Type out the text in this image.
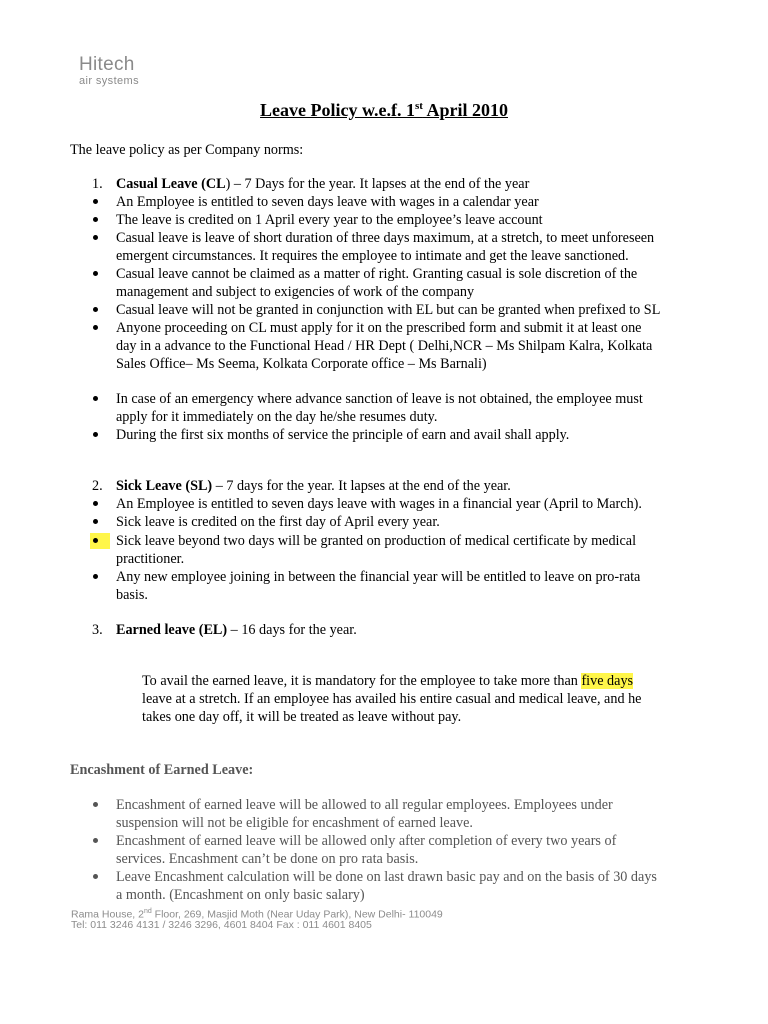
Hitech
air systems
Leave Policy w.e.f. 1st April 2010
The leave policy as per Company norms:
1. Casual Leave (CL) – 7 Days for the year. It lapses at the end of the year
An Employee is entitled to seven days leave with wages in a calendar year
The leave is credited on 1 April every year to the employee’s leave account
Casual leave is leave of short duration of three days maximum, at a stretch, to meet unforeseen
emergent circumstances. It requires the employee to intimate and get the leave sanctioned.
Casual leave cannot be claimed as a matter of right. Granting casual is sole discretion of the
management and subject to exigencies of work of the company
Casual leave will not be granted in conjunction with EL but can be granted when prefixed to SL
Anyone proceeding on CL must apply for it on the prescribed form and submit it at least one
day in a advance to the Functional Head / HR Dept ( Delhi,NCR – Ms Shilpam Kalra, Kolkata
Sales Office– Ms Seema, Kolkata Corporate office – Ms Barnali)
In case of an emergency where advance sanction of leave is not obtained, the employee must
apply for it immediately on the day he/she resumes duty.
During the first six months of service the principle of earn and avail shall apply.
2. Sick Leave (SL) – 7 days for the year. It lapses at the end of the year.
An Employee is entitled to seven days leave with wages in a financial year (April to March).
Sick leave is credited on the first day of April every year.
Sick leave beyond two days will be granted on production of medical certificate by medical
practitioner.
Any new employee joining in between the financial year will be entitled to leave on pro-rata
basis.
3. Earned leave (EL) – 16 days for the year.
To avail the earned leave, it is mandatory for the employee to take more than five days
leave at a stretch. If an employee has availed his entire casual and medical leave, and he
takes one day off, it will be treated as leave without pay.
Encashment of Earned Leave:
Encashment of earned leave will be allowed to all regular employees. Employees under
suspension will not be eligible for encashment of earned leave.
Encashment of earned leave will be allowed only after completion of every two years of
services. Encashment can’t be done on pro rata basis.
Leave Encashment calculation will be done on last drawn basic pay and on the basis of 30 days
a month. (Encashment on only basic salary)
Rama House, 2nd Floor, 269, Masjid Moth (Near Uday Park), New Delhi- 110049
Tel: 011 3246 4131 / 3246 3296, 4601 8404 Fax : 011 4601 8405
